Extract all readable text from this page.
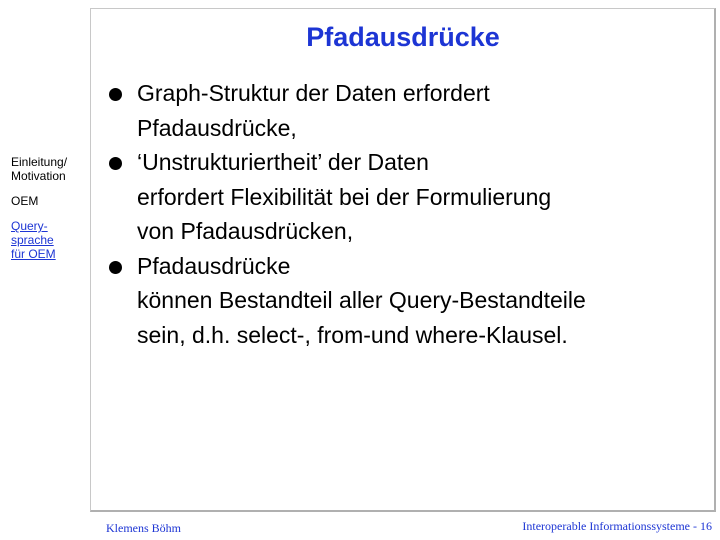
Pfadausdrücke
Einleitung/
Motivation
OEM
Query-
sprache
für OEM
Graph-Struktur der Daten erfordert
Pfadausdrücke,
‘Unstrukturiertheit’ der Daten
erfordert Flexibilität bei der Formulierung
von Pfadausdrücken,
Pfadausdrücke
können Bestandteil aller Query-Bestandteile
sein, d.h. select-, from-und where-Klausel.
Klemens Böhm	Interoperable Informationssysteme - 16
